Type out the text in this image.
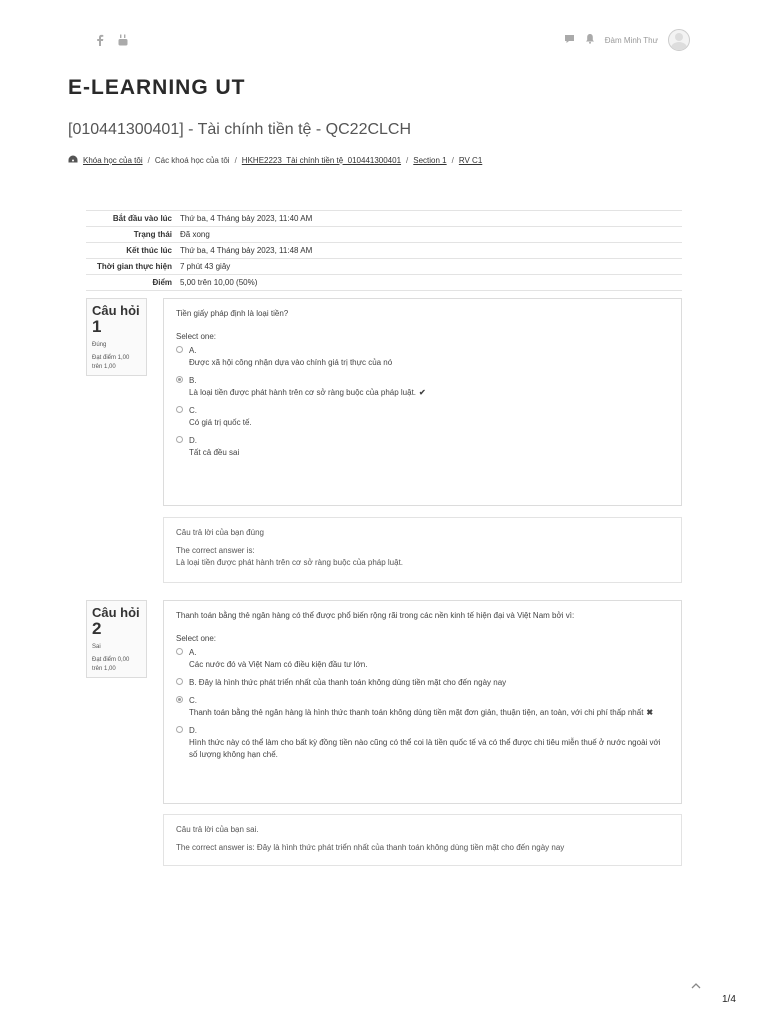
Đàm Minh Thư
E-LEARNING UT
[010441300401] - Tài chính tiền tệ - QC22CLCH
Khóa học của tôi / Các khoá học của tôi / HKHE2223_Tài chính tiền tệ_010441300401 / Section 1 / RV C1
Bắt đầu vào lúc	Thứ ba, 4 Tháng bảy 2023, 11:40 AM
Trạng thái	Đã xong
Kết thúc lúc	Thứ ba, 4 Tháng bảy 2023, 11:48 AM
Thời gian thực hiện	7 phút 43 giây
Điểm	5,00 trên 10,00 (50%)
Câu hỏi
1
Đúng
Đạt điểm 1,00
trên 1,00
Tiền giấy pháp định là loại tiền?
Select one:
A.
Được xã hội công nhận dựa vào chính giá trị thực của nó
B.
Là loại tiền được phát hành trên cơ sở ràng buộc của pháp luật. ✔
C.
Có giá trị quốc tế.
D.
Tất cả đều sai
Câu trả lời của bạn đúng
The correct answer is:
Là loại tiền được phát hành trên cơ sở ràng buộc của pháp luật.
Câu hỏi
2
Sai
Đạt điểm 0,00
trên 1,00
Thanh toán bằng thẻ ngân hàng có thể được phổ biến rộng rãi trong các nền kinh tế hiện đại và Việt Nam bởi vì:
Select one:
A.
Các nước đó và Việt Nam có điều kiện đầu tư lớn.
B. Đây là hình thức phát triển nhất của thanh toán không dùng tiền mặt cho đến ngày nay
C.
Thanh toán bằng thẻ ngân hàng là hình thức thanh toán không dùng tiền mặt đơn giản, thuận tiện, an toàn, với chi phí thấp nhất ✖
D.
Hình thức này có thể làm cho bất kỳ đồng tiền nào cũng có thể coi là tiền quốc tế và có thể được chi tiêu miễn thuế ở nước ngoài với số lượng không hạn chế.
Câu trả lời của bạn sai.
The correct answer is: Đây là hình thức phát triển nhất của thanh toán không dùng tiền mặt cho đến ngày nay
1/4
